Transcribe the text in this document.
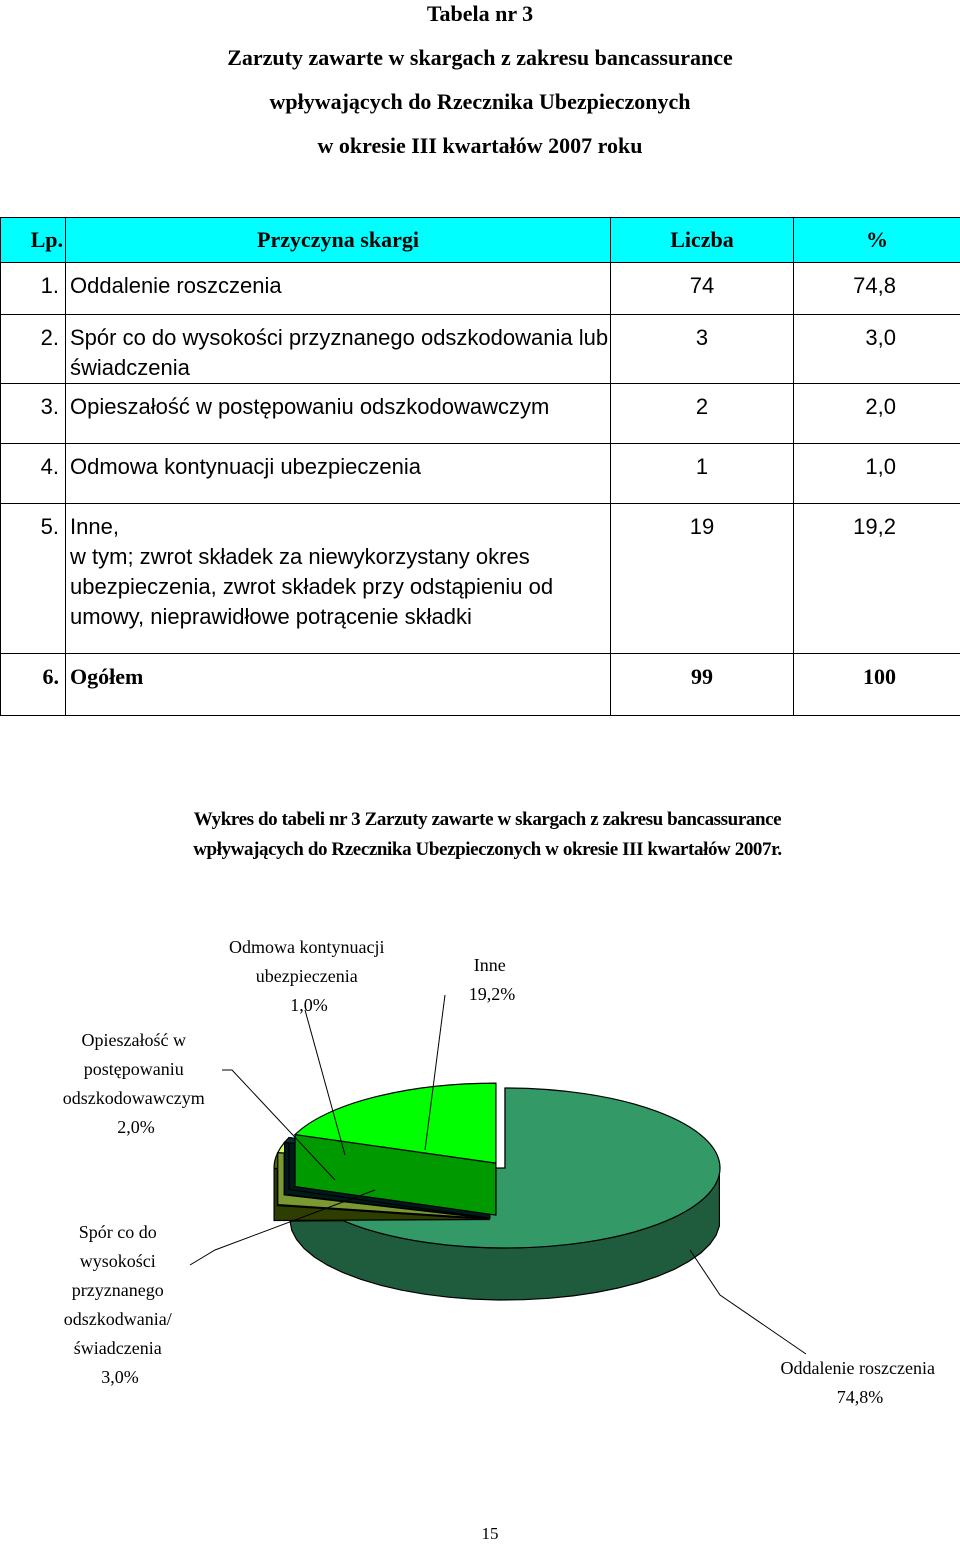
Tabela nr 3
Zarzuty zawarte w skargach z zakresu bancassurance
wpływających do Rzecznika Ubezpieczonych
w okresie III kwartałów 2007 roku
Lp.	Przyczyna skargi	Liczba	%
1.	Oddalenie roszczenia	74	74,8
2.	Spór co do wysokości przyznanego odszkodowania lub świadczenia	3	3,0
3.	Opieszałość w postępowaniu odszkodowawczym	2	2,0
4.	Odmowa kontynuacji ubezpieczenia	1	1,0
5.	Inne,
w tym; zwrot składek za niewykorzystany okres ubezpieczenia, zwrot składek przy odstąpieniu od umowy, nieprawidłowe potrącenie składki	19	19,2
6.	Ogółem	99	100
Wykres do tabeli nr 3 Zarzuty zawarte w skargach z zakresu bancassurance
wpływających do Rzecznika Ubezpieczonych w okresie III kwartałów 2007r.
Oddalenie roszczenia 74,8%
Spór co do wysokości przyznanego odszkodwania/ świadczenia 3,0%
Opieszałość w postępowaniu odszkodowawczym 2,0%
Odmowa kontynuacji ubezpieczenia 1,0%
Inne 19,2%
15
